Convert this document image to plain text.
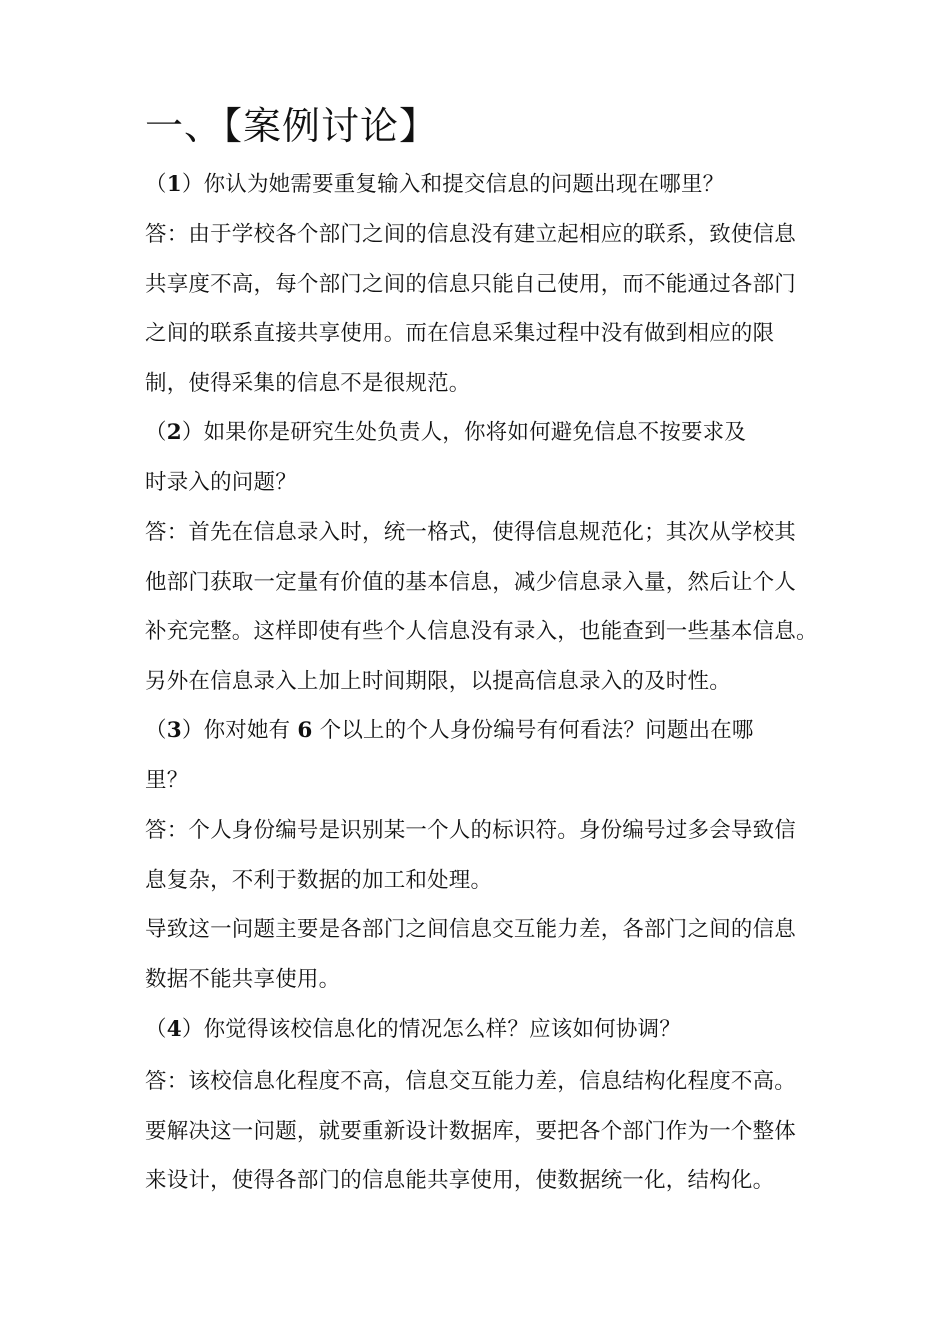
一、【案例讨论】
（1）你认为她需要重复输入和提交信息的问题出现在哪里？
答：由于学校各个部门之间的信息没有建立起相应的联系，致使信息
共享度不高，每个部门之间的信息只能自己使用，而不能通过各部门
之间的联系直接共享使用。而在信息采集过程中没有做到相应的限
制，使得采集的信息不是很规范。
（2）如果你是研究生处负责人，你将如何避免信息不按要求及
时录入的问题？
答：首先在信息录入时，统一格式，使得信息规范化；其次从学校其
他部门获取一定量有价值的基本信息，减少信息录入量，然后让个人
补充完整。这样即使有些个人信息没有录入，也能查到一些基本信息。
另外在信息录入上加上时间期限，以提高信息录入的及时性。
（3）你对她有 6 个以上的个人身份编号有何看法？问题出在哪
里？
答：个人身份编号是识别某一个人的标识符。身份编号过多会导致信
息复杂，不利于数据的加工和处理。
导致这一问题主要是各部门之间信息交互能力差，各部门之间的信息
数据不能共享使用。
（4）你觉得该校信息化的情况怎么样？应该如何协调？
答：该校信息化程度不高，信息交互能力差，信息结构化程度不高。
要解决这一问题，就要重新设计数据库，要把各个部门作为一个整体
来设计，使得各部门的信息能共享使用，使数据统一化，结构化。
